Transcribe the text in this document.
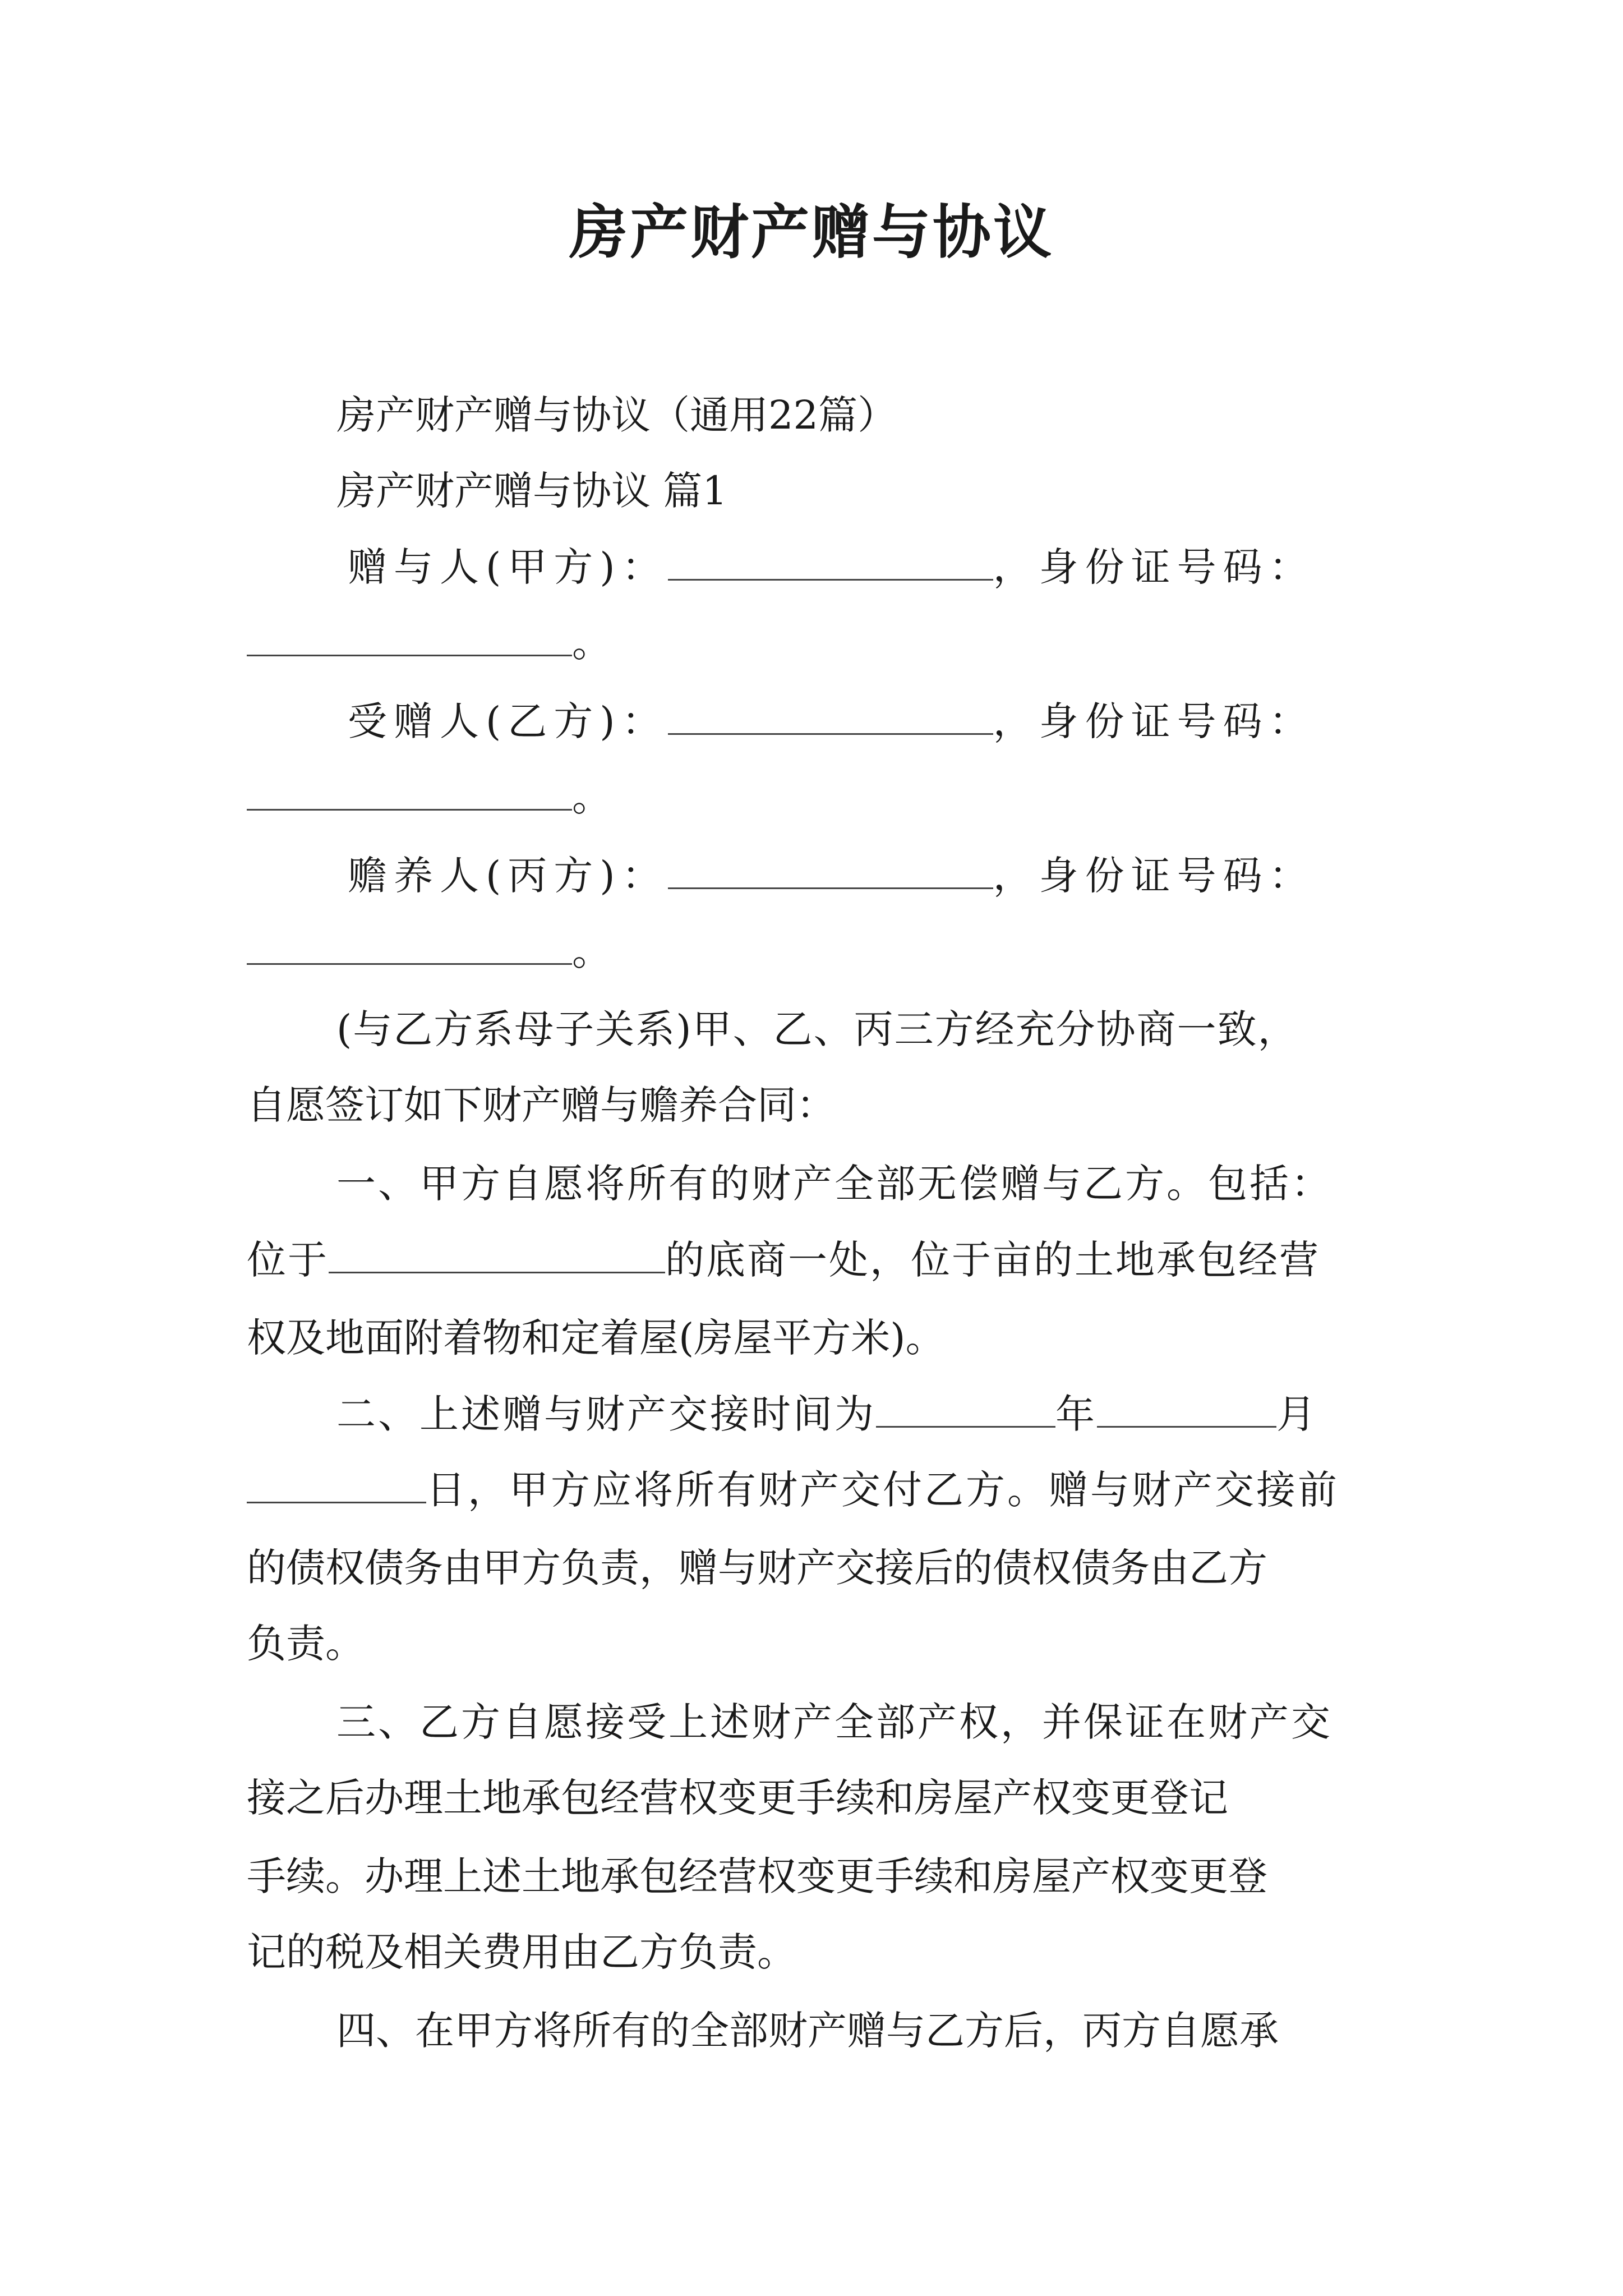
房产财产赠与协议
房产财产赠与协议（通用22篇）
房产财产赠与协议 篇1
赠与人(甲方)：	，身份证号码：
。
受赠人(乙方)：	，身份证号码：
。
赡养人(丙方)：	，身份证号码：
。
(与乙方系母子关系)甲、乙、丙三方经充分协商一致，
自愿签订如下财产赠与赡养合同：
一、甲方自愿将所有的财产全部无偿赠与乙方。包括：
位于	的底商一处，位于亩的土地承包经营
权及地面附着物和定着屋(房屋平方米)。
二、上述赠与财产交接时间为	年	月
日，甲方应将所有财产交付乙方。赠与财产交接前
的债权债务由甲方负责，赠与财产交接后的债权债务由乙方
负责。
三、乙方自愿接受上述财产全部产权，并保证在财产交
接之后办理土地承包经营权变更手续和房屋产权变更登记
手续。办理上述土地承包经营权变更手续和房屋产权变更登
记的税及相关费用由乙方负责。
四、在甲方将所有的全部财产赠与乙方后，丙方自愿承
